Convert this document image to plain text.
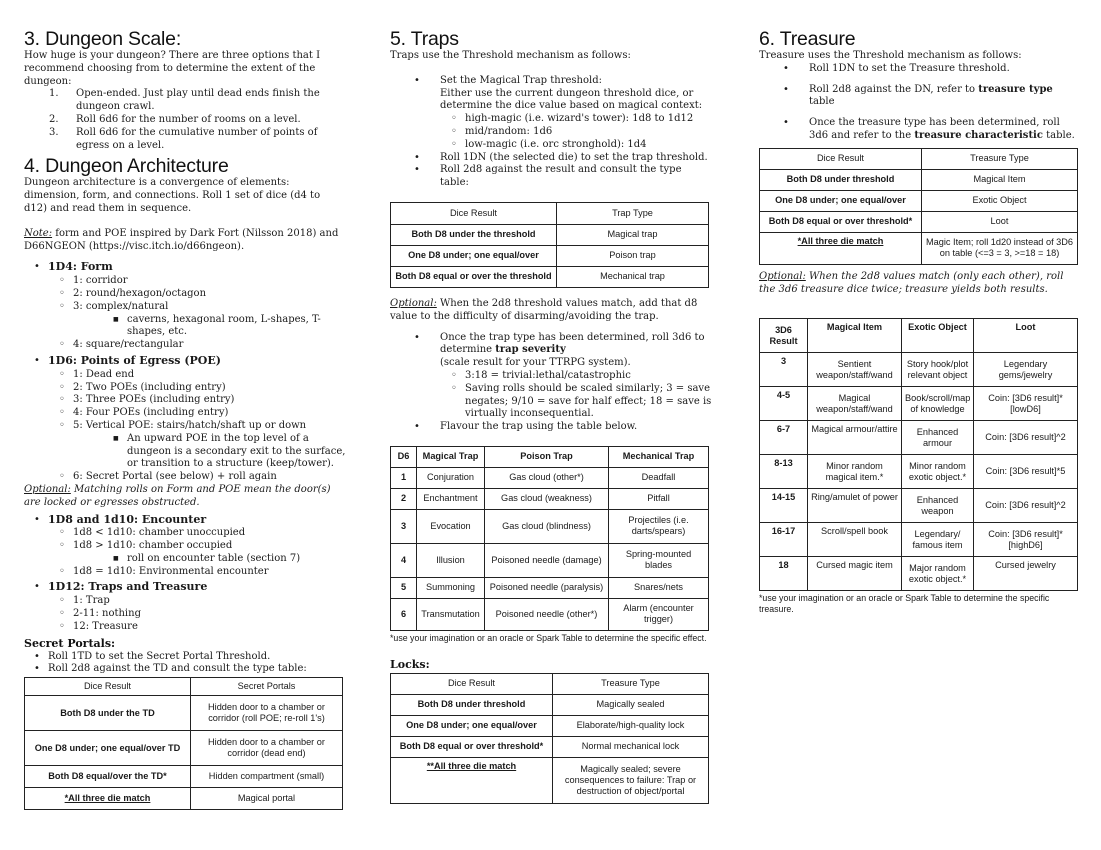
3. Dungeon Scale:

How huge is your dungeon? There are three options that I recommend choosing from to determine the extent of the dungeon:

1. Open-ended. Just play until dead ends finish the dungeon crawl.
2. Roll 6d6 for the number of rooms on a level.
3. Roll 6d6 for the cumulative number of points of egress on a level.
4. Dungeon Architecture

Dungeon architecture is a convergence of elements: dimension, form, and connections. Roll 1 set of dice (d4 to d12) and read them in sequence.

Note: form and POE inspired by Dark Fort (Nilsson 2018) and D66NGEON (https://visc.itch.io/d66ngeon).

• 1D4: Form
◦ 1: corridor
◦ 2: round/hexagon/octagon
◦ 3: complex/natural
■ caverns, hexagonal room, L-shapes, T-shapes, etc.
◦ 4: square/rectangular
• 1D6: Points of Egress (POE)
◦ 1: Dead end
◦ 2: Two POEs (including entry)
◦ 3: Three POEs (including entry)
◦ 4: Four POEs (including entry)
◦ 5: Vertical POE: stairs/hatch/shaft up or down
■ An upward POE in the top level of a dungeon is a secondary exit to the surface, or transition to a structure (keep/tower).
◦ 6: Secret Portal (see below) + roll again

Optional: Matching rolls on Form and POE mean the door(s) are locked or egresses obstructed.

• 1D8 and 1d10: Encounter
◦ 1d8 < 1d10: chamber unoccupied
◦ 1d8 > 1d10: chamber occupied
■ roll on encounter table (section 7)
◦ 1d8 = 1d10: Environmental encounter
• 1D12: Traps and Treasure
◦ 1: Trap
◦ 2-11: nothing
◦ 12: Treasure
Secret Portals:
• Roll 1TD to set the Secret Portal Threshold.
• Roll 2d8 against the TD and consult the type table:
Dice Result	Secret Portals
Both D8 under the TD	Hidden door to a chamber or corridor (roll POE; re-roll 1's)
One D8 under; one equal/over TD	Hidden door to a chamber or corridor (dead end)
Both D8 equal/over the TD*	Hidden compartment (small)
*All three die match	Magical portal
5. Traps

Traps use the Threshold mechanism as follows:

• Set the Magical Trap threshold:
Either use the current dungeon threshold dice, or determine the dice value based on magical context:
◦ high-magic (i.e. wizard's tower): 1d8 to 1d12
◦ mid/random: 1d6
◦ low-magic (i.e. orc stronghold): 1d4
• Roll 1DN (the selected die) to set the trap threshold.
• Roll 2d8 against the result and consult the type table:
Dice Result	Trap Type
Both D8 under the threshold	Magical trap
One D8 under; one equal/over	Poison trap
Both D8 equal or over the threshold	Mechanical trap

Optional: When the 2d8 threshold values match, add that d8 value to the difficulty of disarming/avoiding the trap.

• Once the trap type has been determined, roll 3d6 to determine trap severity
(scale result for your TTRPG system).
◦ 3:18 = trivial:lethal/catastrophic
◦ Saving rolls should be scaled similarly; 3 = save negates; 9/10 = save for half effect; 18 = save is virtually inconsequential.
• Flavour the trap using the table below.
D6	Magical Trap	Poison Trap	Mechanical Trap
1	Conjuration	Gas cloud (other*)	Deadfall
2	Enchantment	Gas cloud (weakness)	Pitfall
3	Evocation	Gas cloud (blindness)	Projectiles (i.e. darts/spears)
4	Illusion	Poisoned needle (damage)	Spring-mounted blades
5	Summoning	Poisoned needle (paralysis)	Snares/nets
6	Transmutation	Poisoned needle (other*)	Alarm (encounter trigger)

*use your imagination or an oracle or Spark Table to determine the specific effect.

Locks:
Dice Result	Treasure Type
Both D8 under threshold	Magically sealed
One D8 under; one equal/over	Elaborate/high-quality lock
Both D8 equal or over threshold*	Normal mechanical lock
**All three die match	Magically sealed; severe consequences to failure: Trap or destruction of object/portal
6. Treasure

Treasure uses the Threshold mechanism as follows:

• Roll 1DN to set the Treasure threshold.
• Roll 2d8 against the DN, refer to treasure type table
• Once the treasure type has been determined, roll 3d6 and refer to the treasure characteristic table.
Dice Result	Treasure Type
Both D8 under threshold	Magical Item
One D8 under; one equal/over	Exotic Object
Both D8 equal or over threshold*	Loot
*All three die match	Magic Item; roll 1d20 instead of 3D6 on table (<=3 = 3, >=18 = 18)

Optional: When the 2d8 values match (only each other), roll the 3d6 treasure dice twice; treasure yields both results.

3D6 Result	Magical Item	Exotic Object	Loot
3	Sentient weapon/staff/wand	Story hook/plot relevant object	Legendary gems/jewelry
4-5	Magical weapon/staff/wand	Book/scroll/map of knowledge	Coin: [3D6 result]*[lowD6]
6-7	Magical armour/attire	Enhanced armour	Coin: [3D6 result]^2
8-13	Minor random magical item.*	Minor random exotic object.*	Coin: [3D6 result]*5
14-15	Ring/amulet of power	Enhanced weapon	Coin: [3D6 result]^2
16-17	Scroll/spell book	Legendary/ famous item	Coin: [3D6 result]*[highD6]
18	Cursed magic item	Major random exotic object.*	Cursed jewelry

*use your imagination or an oracle or Spark Table to determine the specific treasure.
